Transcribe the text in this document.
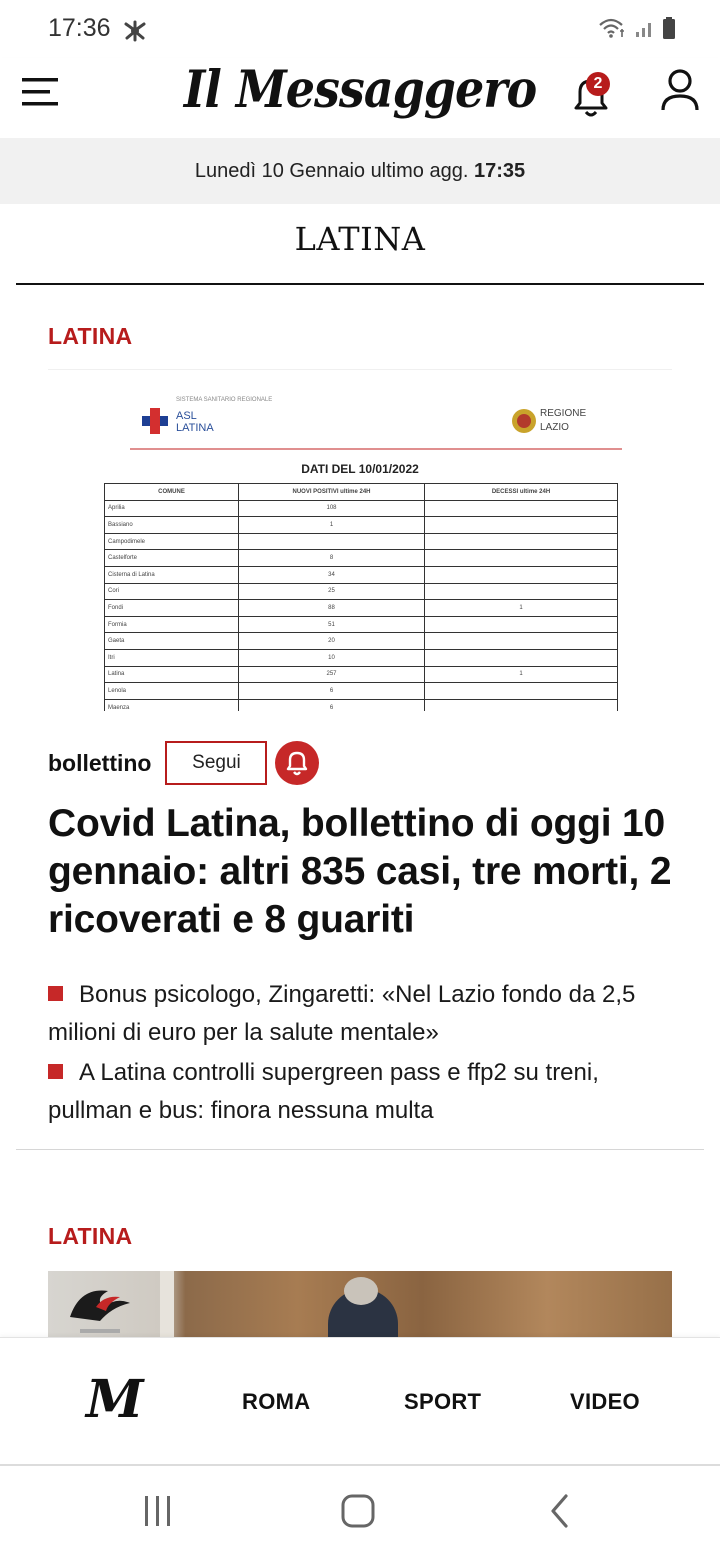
17:36
Il Messaggero	2
Lunedì 10 Gennaio ultimo agg. 17:35
LATINA
LATINA
SISTEMA SANITARIO REGIONALE
ASL
LATINA
REGIONE
LAZIO
DATI DEL 10/01/2022
COMUNE	NUOVI POSITIVI ultime 24H	DECESSI ultime 24H
Aprilia	108	
Bassiano	1	
Campodimele		
Castelforte	8	
Cisterna di Latina	34	
Cori	25	
Fondi	88	1
Formia	51	
Gaeta	20	
Itri	10	
Latina	257	1
Lenola	6	
Maenza	6	
bollettino	Segui
Covid Latina, bollettino di oggi 10 gennaio: altri 835 casi, tre morti, 2 ricoverati e 8 guariti
Bonus psicologo, Zingaretti: «Nel Lazio fondo da 2,5 milioni di euro per la salute mentale»
A Latina controlli supergreen pass e ffp2 su treni, pullman e bus: finora nessuna multa
LATINA
M	ROMA	SPORT	VIDEO
